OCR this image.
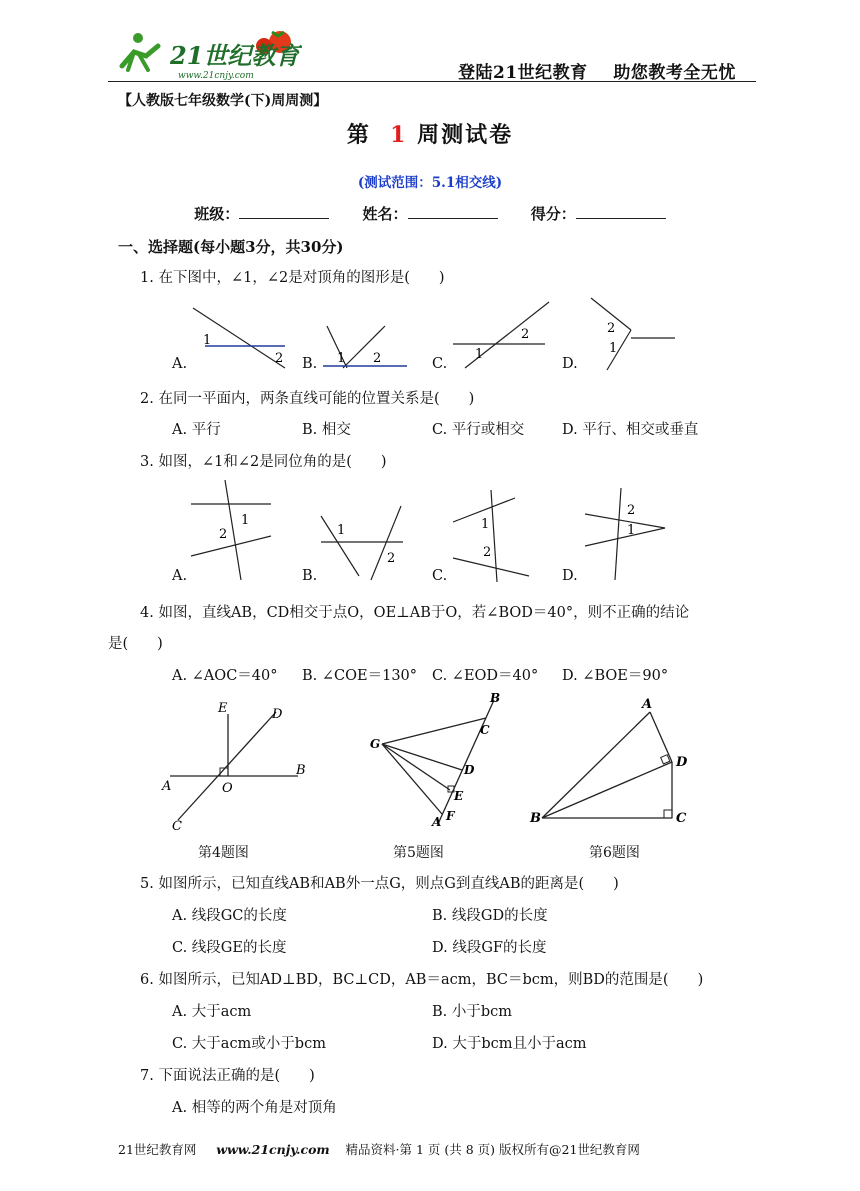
21世纪教育
www.21cnjy.com	登陆21世纪教育    助您教考全无忧
【人教版七年级数学(下)周周测】
第 1 周测试卷
(测试范围：5.1相交线)
班级：	姓名：	得分：
一、选择题(每小题3分，共30分)
1. 在下图中，∠1，∠2是对顶角的图形是(　　)
1
2	1 2	1
2	2
1
A.	B.	C.	D.
2. 在同一平面内，两条直线可能的位置关系是(　　)
A. 平行	B. 相交	C. 平行或相交	D. 平行、相交或垂直
3. 如图，∠1和∠2是同位角的是(　　)
1
2	1
2
1
2
2
1
A.	B.	C.	D.
4. 如图，直线AB，CD相交于点O，OE⊥AB于O，若∠BOD＝40°，则不正确的结论
是(　　)
A. ∠AOC＝40° B. ∠COE＝130° C. ∠EOD＝40° D. ∠BOE＝90°
E	D
B
A	O
C
B
C
G
D
E
A F
A
D
B	C
第4题图	第5题图	第6题图
5. 如图所示，已知直线AB和AB外一点G，则点G到直线AB的距离是(　　)
A. 线段GC的长度	B. 线段GD的长度
C. 线段GE的长度	D. 线段GF的长度
6. 如图所示，已知AD⊥BD，BC⊥CD，AB＝acm，BC＝bcm，则BD的范围是(　　)
A. 大于acm	B. 小于bcm
C. 大于acm或小于bcm	D. 大于bcm且小于acm
7. 下面说法正确的是(　　)
A. 相等的两个角是对顶角
21世纪教育网 www.21cnjy.com 精品资料·第 1 页 (共 8 页) 版权所有@21世纪教育网
